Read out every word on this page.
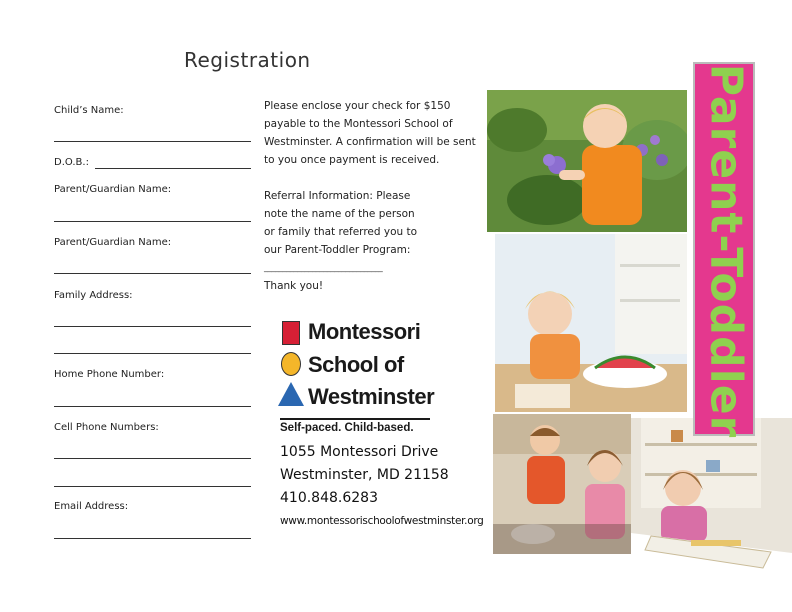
Registration
Child’s Name:
D.O.B.:
Parent/Guardian Name:
Parent/Guardian Name:
Family Address:
Home Phone Number:
Cell Phone Numbers:
Email Address:
Please enclose your check for $150
payable to the Montessori School of
Westminster. A confirmation will be sent
to you once payment is received.
Referral Information: Please
note the name of the person
or family that referred you to
our Parent-Toddler Program:
________________________________
Thank you!
Montessori
School of
Westminster
Self-paced. Child-based.
1055 Montessori Drive
Westminster, MD 21158
410.848.6283
www.montessorischoolofwestminster.org
Parent-Toddler
